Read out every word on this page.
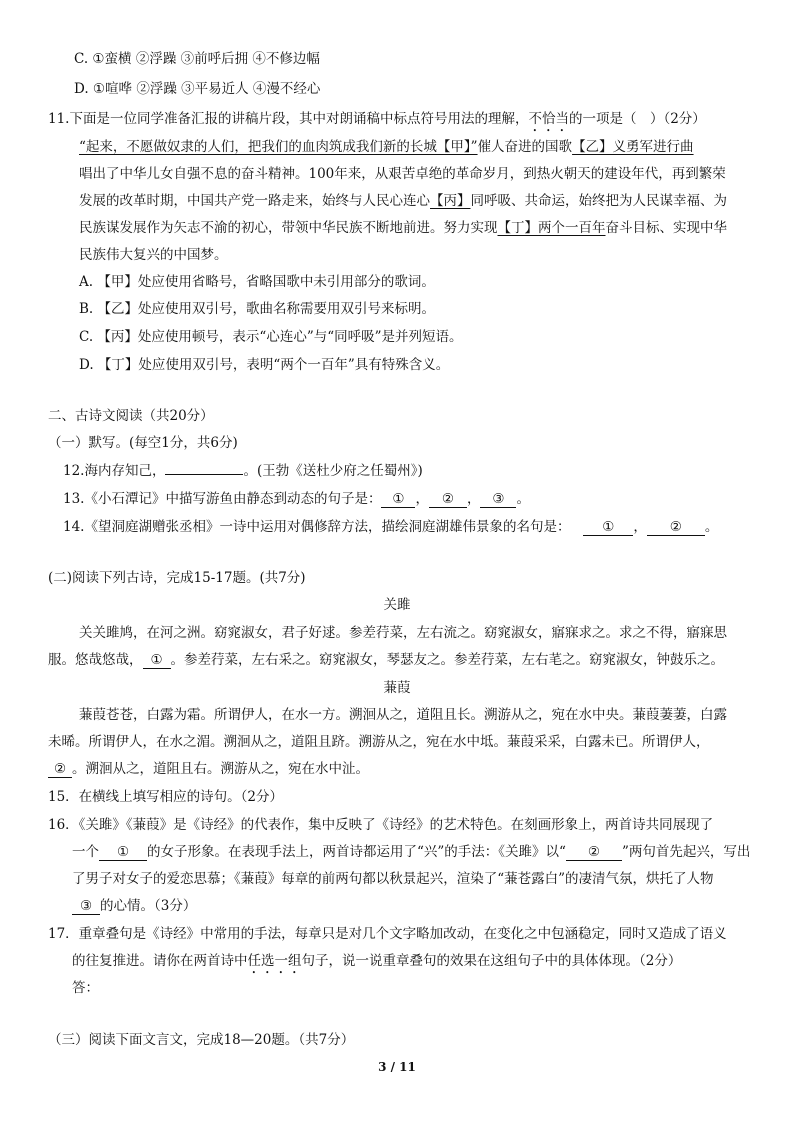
C. ①蛮横 ②浮躁 ③前呼后拥 ④不修边幅
D. ①喧哗 ②浮躁 ③平易近人 ④漫不经心
11.下面是一位同学准备汇报的讲稿片段，其中对朗诵稿中标点符号用法的理解，不恰当的一项是（　）（2分）
“起来，不愿做奴隶的人们，把我们的血肉筑成我们新的长城【甲】”催人奋进的国歌【乙】义勇军进行曲
唱出了中华儿女自强不息的奋斗精神。100年来，从艰苦卓绝的革命岁月，到热火朝天的建设年代，再到繁荣
发展的改革时期，中国共产党一路走来，始终与人民心连心【丙】同呼吸、共命运，始终把为人民谋幸福、为
民族谋发展作为矢志不渝的初心，带领中华民族不断地前进。努力实现【丁】两个一百年奋斗目标、实现中华
民族伟大复兴的中国梦。
A. 【甲】处应使用省略号，省略国歌中未引用部分的歌词。
B. 【乙】处应使用双引号，歌曲名称需要用双引号来标明。
C. 【丙】处应使用顿号，表示“心连心”与“同呼吸”是并列短语。
D. 【丁】处应使用双引号，表明“两个一百年”具有特殊含义。
二、古诗文阅读（共20分）
（一）默写。(每空1分，共6分)
12.海内存知己，	。(王勃《送杜少府之任蜀州》)
13.《小石潭记》中描写游鱼由静态到动态的句子是： ① ， ② ， ③ 。
14.《望洞庭湖赠张丞相》一诗中运用对偶修辞方法，描绘洞庭湖雄伟景象的名句是： ① ， ② 。
(二)阅读下列古诗，完成15-17题。(共7分)
关雎
关关雎鸠，在河之洲。窈窕淑女，君子好逑。参差荇菜，左右流之。窈窕淑女，寤寐求之。求之不得，寤寐思
服。悠哉悠哉， ① 。参差荇菜，左右采之。窈窕淑女，琴瑟友之。参差荇菜，左右芼之。窈窕淑女，钟鼓乐之。
蒹葭
蒹葭苍苍，白露为霜。所谓伊人，在水一方。溯洄从之，道阻且长。溯游从之，宛在水中央。蒹葭萋萋，白露
未晞。所谓伊人，在水之湄。溯洄从之，道阻且跻。溯游从之，宛在水中坻。蒹葭采采，白露未已。所谓伊人，
② 。溯洄从之，道阻且右。溯游从之，宛在水中沚。
15．在横线上填写相应的诗句。（2分）
16．《关雎》《蒹葭》是《诗经》的代表作，集中反映了《诗经》的艺术特色。在刻画形象上，两首诗共同展现了
一个 ① 的女子形象。在表现手法上，两首诗都运用了“兴”的手法：《关雎》以“ ② ”两句首先起兴，写出
了男子对女子的爱恋思慕；《蒹葭》每章的前两句都以秋景起兴，渲染了“蒹苍露白”的凄清气氛，烘托了人物
③ 的心情。（3分）
17．重章叠句是《诗经》中常用的手法，每章只是对几个文字略加改动，在变化之中包涵稳定，同时又造成了语义
的往复推进。请你在两首诗中任选一组句子，说一说重章叠句的效果在这组句子中的具体体现。（2分）
答：
（三）阅读下面文言文，完成18—20题。（共7分）
3 / 11
